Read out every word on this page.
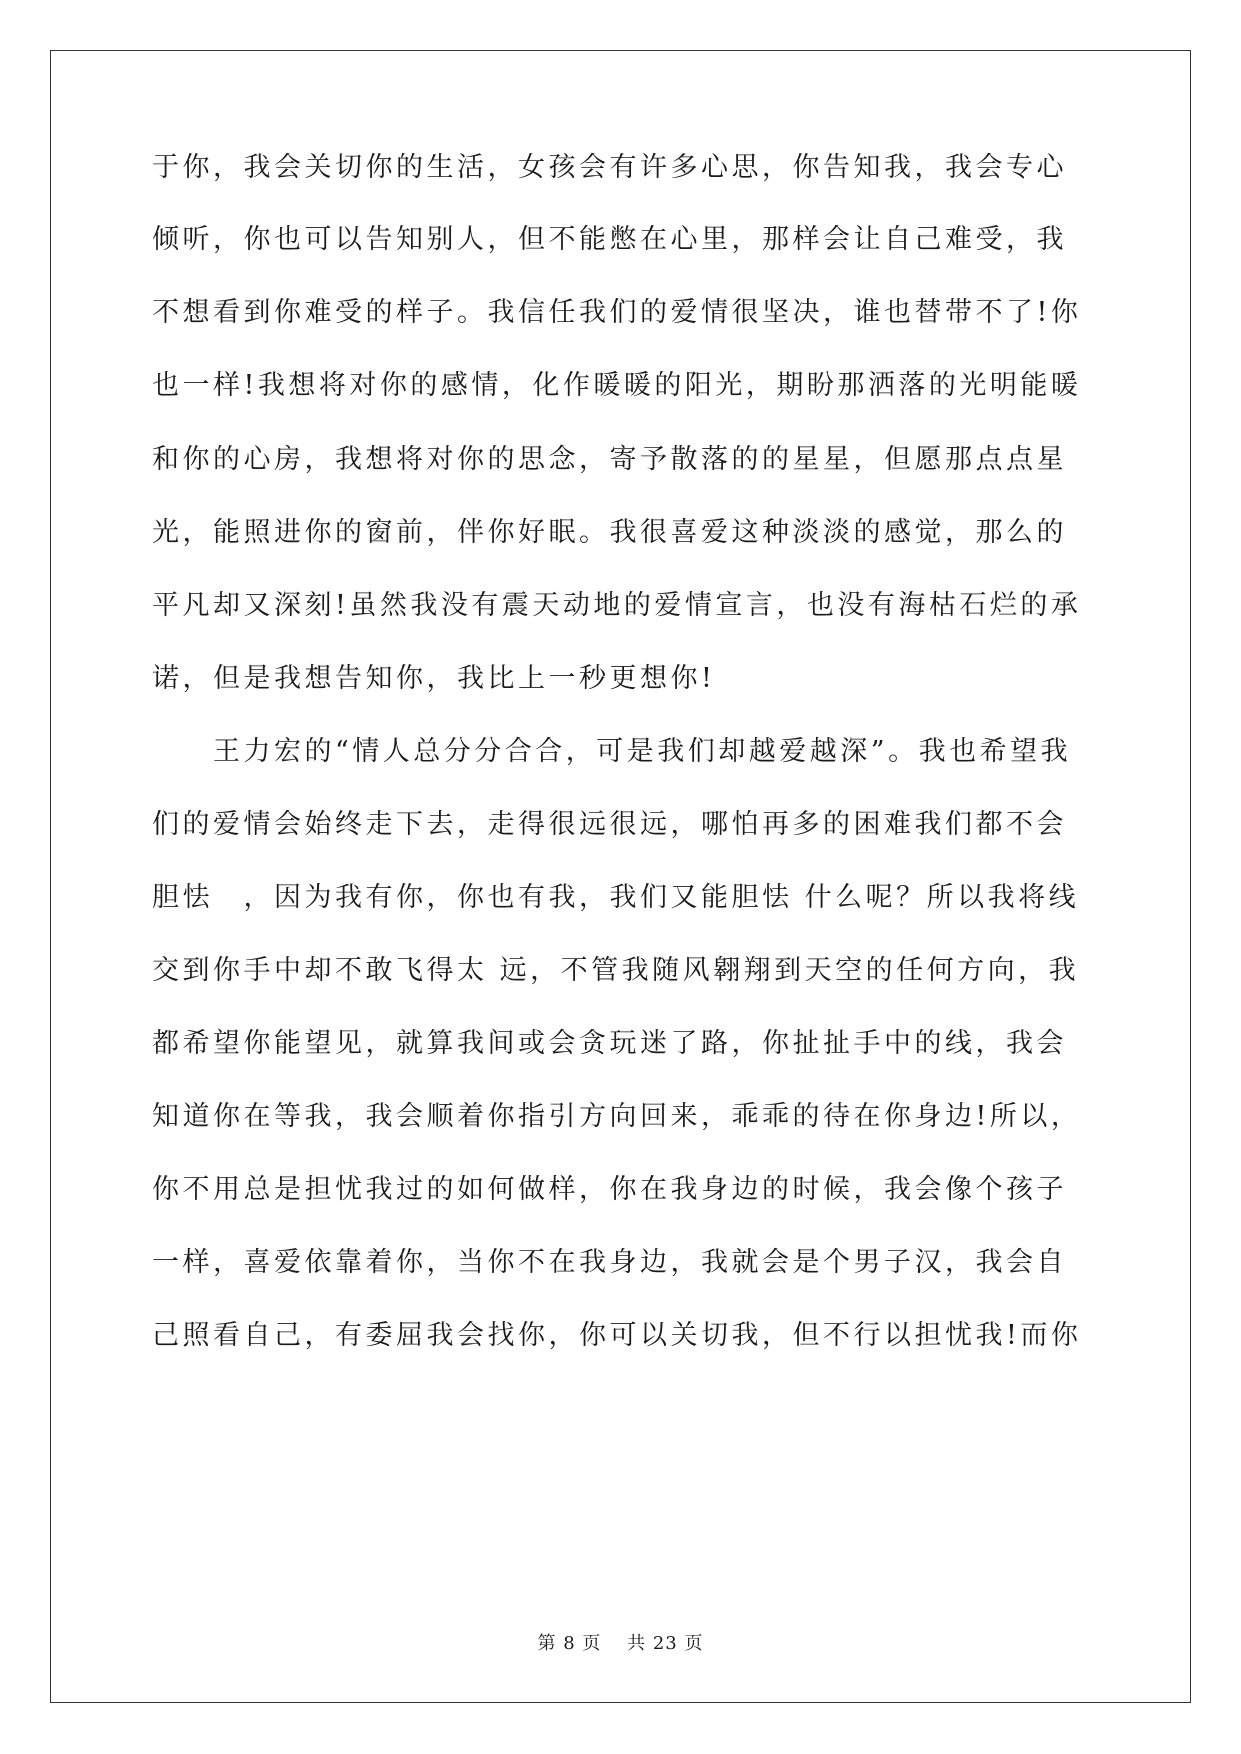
于你，我会关切你的生活，女孩会有许多心思，你告知我，我会专心
倾听，你也可以告知别人，但不能憋在心里，那样会让自己难受，我
不想看到你难受的样子。我信任我们的爱情很坚决，谁也替带不了!你
也一样!我想将对你的感情，化作暖暖的阳光，期盼那洒落的光明能暖
和你的心房，我想将对你的思念，寄予散落的的星星，但愿那点点星
光，能照进你的窗前，伴你好眠。我很喜爱这种淡淡的感觉，那么的
平凡却又深刻!虽然我没有震天动地的爱情宣言，也没有海枯石烂的承
诺，但是我想告知你，我比上一秒更想你!
　　王力宏的“情人总分分合合，可是我们却越爱越深”。我也希望我
们的爱情会始终走下去，走得很远很远，哪怕再多的困难我们都不会
胆怯　，因为我有你，你也有我，我们又能胆怯 什么呢？所以我将线
交到你手中却不敢飞得太 远，不管我随风翱翔到天空的任何方向，我
都希望你能望见，就算我间或会贪玩迷了路，你扯扯手中的线，我会
知道你在等我，我会顺着你指引方向回来，乖乖的待在你身边!所以，
你不用总是担忧我过的如何做样，你在我身边的时候，我会像个孩子
一样，喜爱依靠着你，当你不在我身边，我就会是个男子汉，我会自
己照看自己，有委屈我会找你，你可以关切我，但不行以担忧我!而你
第 8 页　 共 23 页
